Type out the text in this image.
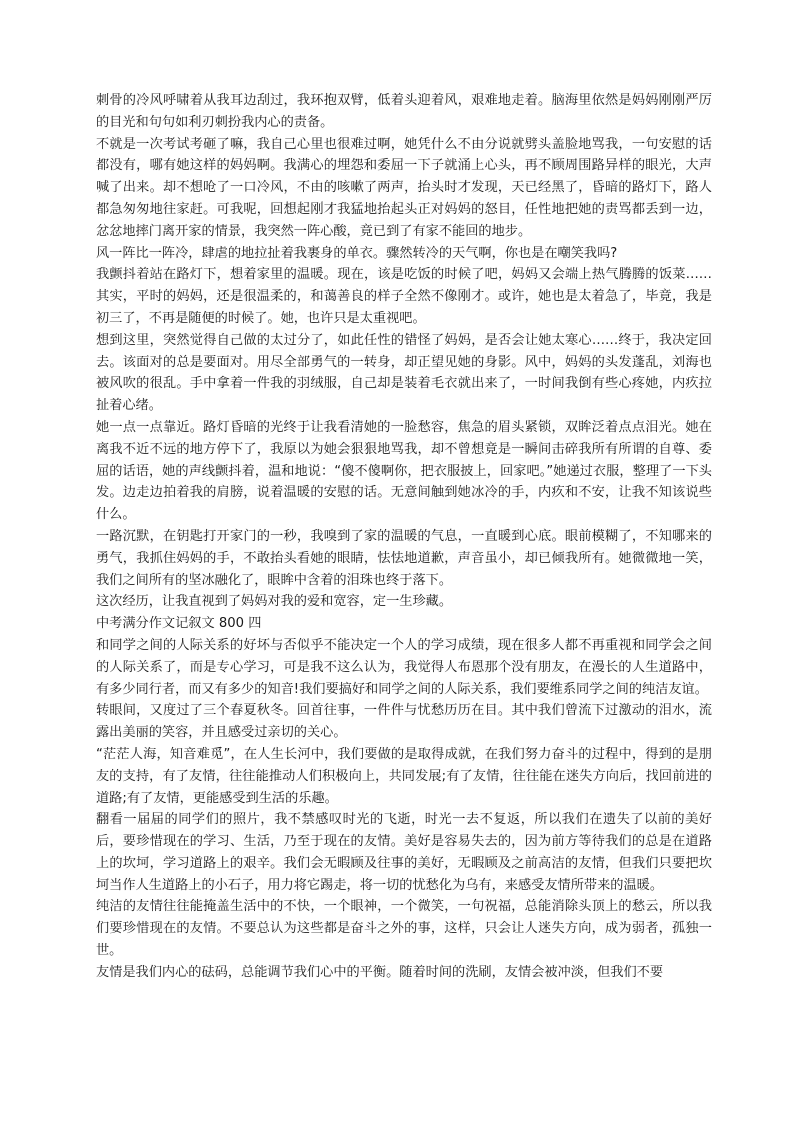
刺骨的冷风呼啸着从我耳边刮过，我环抱双臂，低着头迎着风，艰难地走着。脑海里依然是妈妈刚刚严厉的目光和句句如利刃刺扮我内心的责备。

不就是一次考试考砸了嘛，我自己心里也很难过啊，她凭什么不由分说就劈头盖脸地骂我，一句安慰的话都没有，哪有她这样的妈妈啊。我满心的埋怨和委屈一下子就涌上心头，再不顾周围路异样的眼光，大声喊了出来。却不想呛了一口冷风，不由的咳嗽了两声，抬头时才发现，天已经黑了，昏暗的路灯下，路人都急匆匆地往家赶。可我呢，回想起刚才我猛地抬起头正对妈妈的怒目，任性地把她的责骂都丢到一边，忿忿地摔门离开家的情景，我突然一阵心酸，竟已到了有家不能回的地步。

风一阵比一阵冷，肆虐的地拉扯着我裹身的单衣。骤然转冷的天气啊，你也是在嘲笑我吗?

我颤抖着站在路灯下，想着家里的温暖。现在，该是吃饭的时候了吧，妈妈又会端上热气腾腾的饭菜……其实，平时的妈妈，还是很温柔的，和蔼善良的样子全然不像刚才。或许，她也是太着急了，毕竟，我是初三了，不再是随便的时候了。她，也许只是太重视吧。

想到这里，突然觉得自己做的太过分了，如此任性的错怪了妈妈，是否会让她太寒心……终于，我决定回去。该面对的总是要面对。用尽全部勇气的一转身，却正望见她的身影。风中，妈妈的头发蓬乱，刘海也被风吹的很乱。手中拿着一件我的羽绒服，自己却是装着毛衣就出来了，一时间我倒有些心疼她，内疚拉扯着心绪。

她一点一点靠近。路灯昏暗的光终于让我看清她的一脸愁容，焦急的眉头紧锁，双眸泛着点点泪光。她在离我不近不远的地方停下了，我原以为她会狠狠地骂我，却不曾想竟是一瞬间击碎我所有所谓的自尊、委屈的话语，她的声线颤抖着，温和地说：“傻不傻啊你，把衣服披上，回家吧。”她递过衣服，整理了一下头发。边走边拍着我的肩膀，说着温暖的安慰的话。无意间触到她冰冷的手，内疚和不安，让我不知该说些什么。

一路沉默，在钥匙打开家门的一秒，我嗅到了家的温暖的气息，一直暖到心底。眼前模糊了，不知哪来的勇气，我抓住妈妈的手，不敢抬头看她的眼睛，怯怯地道歉，声音虽小，却已倾我所有。她微微地一笑，我们之间所有的坚冰融化了，眼眸中含着的泪珠也终于落下。

这次经历，让我直视到了妈妈对我的爱和宽容，定一生珍藏。

中考满分作文记叙文 800 四

和同学之间的人际关系的好坏与否似乎不能决定一个人的学习成绩，现在很多人都不再重视和同学会之间的人际关系了，而是专心学习，可是我不这么认为，我觉得人布恩那个没有朋友，在漫长的人生道路中，有多少同行者，而又有多少的知音!我们要搞好和同学之间的人际关系，我们要维系同学之间的纯洁友谊。

转眼间，又度过了三个春夏秋冬。回首往事，一件件与忧愁历历在目。其中我们曾流下过激动的泪水，流露出美丽的笑容，并且感受过亲切的关心。

“茫茫人海，知音难觅”，在人生长河中，我们要做的是取得成就，在我们努力奋斗的过程中，得到的是朋友的支持，有了友情，往往能推动人们积极向上，共同发展;有了友情，往往能在迷失方向后，找回前进的道路;有了友情，更能感受到生活的乐趣。

翻看一届届的同学们的照片，我不禁感叹时光的飞逝，时光一去不复返，所以我们在遗失了以前的美好后，要珍惜现在的学习、生活，乃至于现在的友情。美好是容易失去的，因为前方等待我们的总是在道路上的坎坷，学习道路上的艰辛。我们会无暇顾及往事的美好，无暇顾及之前高洁的友情，但我们只要把坎坷当作人生道路上的小石子，用力将它踢走，将一切的忧愁化为乌有，来感受友情所带来的温暖。

纯洁的友情往往能掩盖生活中的不快，一个眼神，一个微笑，一句祝福，总能消除头顶上的愁云，所以我们要珍惜现在的友情。不要总认为这些都是奋斗之外的事，这样，只会让人迷失方向，成为弱者，孤独一世。

友情是我们内心的砝码，总能调节我们心中的平衡。随着时间的洗刷，友情会被冲淡，但我们不要
